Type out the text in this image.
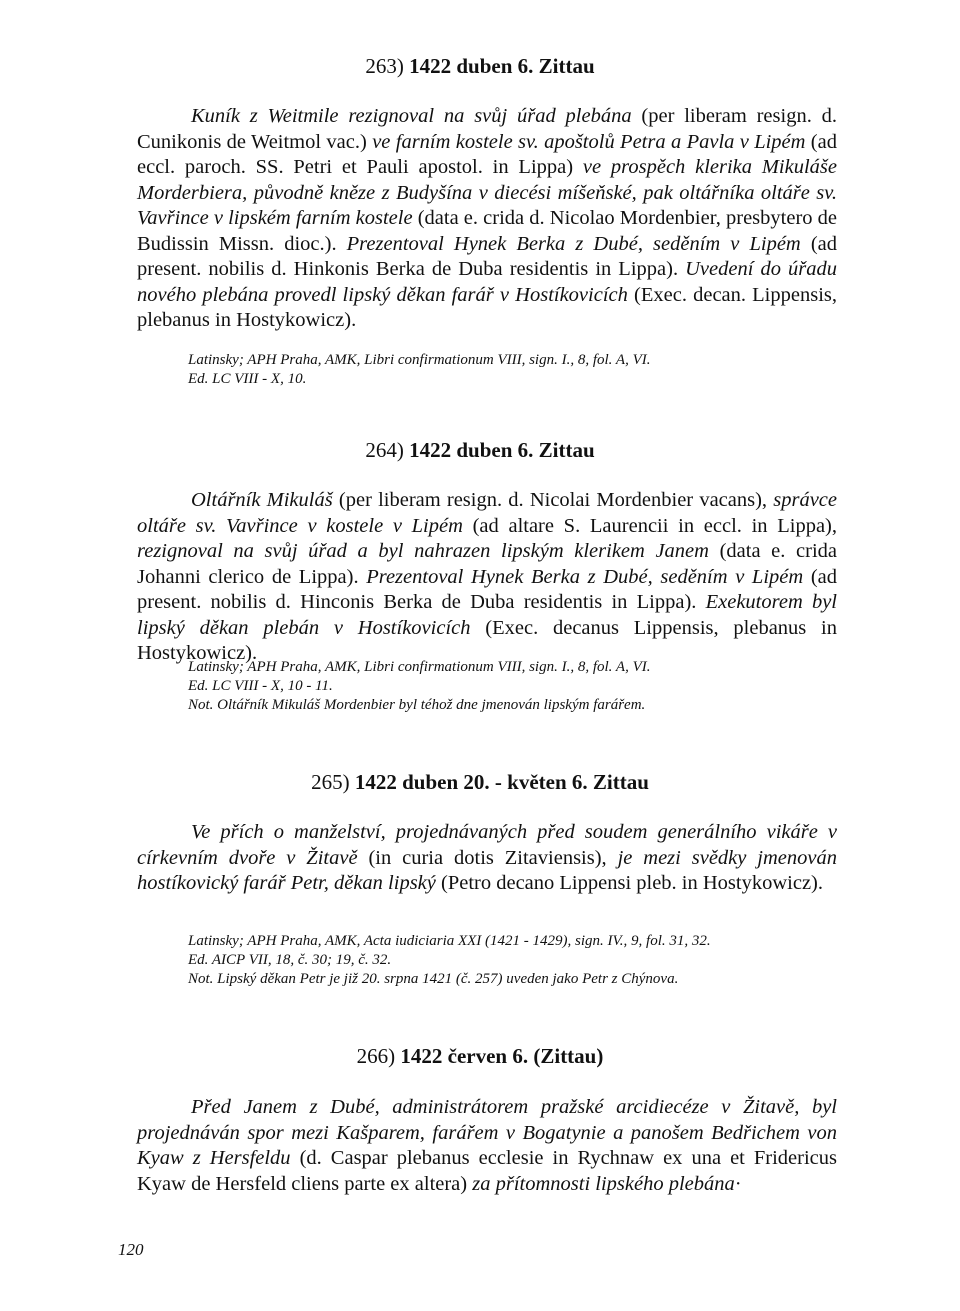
263) 1422 duben 6. Zittau

Kuník z Weitmile rezignoval na svůj úřad plebána (per liberam resign. d. Cunikonis de Weitmol vac.) ve farním kostele sv. apoštolů Petra a Pavla v Lipém (ad eccl. paroch. SS. Petri et Pauli apostol. in Lippa) ve prospěch klerika Mikuláše Morderbiera, původně kněze z Budyšína v diecési míšeňské, pak oltářníka oltáře sv. Vavřince v lipském farním kostele (data e. crida d. Nicolao Mordenbier, presbytero de Budissin Missn. dioc.). Prezentoval Hynek Berka z Dubé, seděním v Lipém (ad present. nobilis d. Hinkonis Berka de Duba residentis in Lippa). Uvedení do úřadu nového plebána provedl lipský děkan farář v Hostíkovicích (Exec. decan. Lippensis, plebanus in Hostykowicz).

Latinsky; APH Praha, AMK, Libri confirmationum VIII, sign. I., 8, fol. A, VI.
Ed. LC VIII - X, 10.
264) 1422 duben 6. Zittau

Oltářník Mikuláš (per liberam resign. d. Nicolai Mordenbier vacans), správce oltáře sv. Vavřince v kostele v Lipém (ad altare S. Laurencii in eccl. in Lippa), rezignoval na svůj úřad a byl nahrazen lipským klerikem Janem (data e. crida Johanni clerico de Lippa). Prezentoval Hynek Berka z Dubé, seděním v Lipém (ad present. nobilis d. Hinconis Berka de Duba residentis in Lippa). Exekutorem byl lipský děkan plebán v Hostíkovicích (Exec. decanus Lippensis, plebanus in Hostykowicz).

Latinsky; APH Praha, AMK, Libri confirmationum VIII, sign. I., 8, fol. A, VI.
Ed. LC VIII - X, 10 - 11.
Not. Oltářník Mikuláš Mordenbier byl téhož dne jmenován lipským farářem.
265) 1422 duben 20. - květen 6. Zittau

Ve přích o manželství, projednávaných před soudem generálního vikáře v církevním dvoře v Žitavě (in curia dotis Zitaviensis), je mezi svědky jmenován hostíkovický farář Petr, děkan lipský (Petro decano Lippensi pleb. in Hostykowicz).

Latinsky; APH Praha, AMK, Acta iudiciaria XXI (1421 - 1429), sign. IV., 9, fol. 31, 32.
Ed. AICP VII, 18, č. 30; 19, č. 32.
Not. Lipský děkan Petr je již 20. srpna 1421 (č. 257) uveden jako Petr z Chýnova.
266) 1422 červen 6. (Zittau)

Před Janem z Dubé, administrátorem pražské arcidiecéze v Žitavě, byl projednáván spor mezi Kašparem, farářem v Bogatynie a panošem Bedřichem von Kyaw z Hersfeldu (d. Caspar plebanus ecclesie in Rychnaw ex una et Fridericus Kyaw de Hersfeld cliens parte ex altera) za přítomnosti lipského plebána·

120
